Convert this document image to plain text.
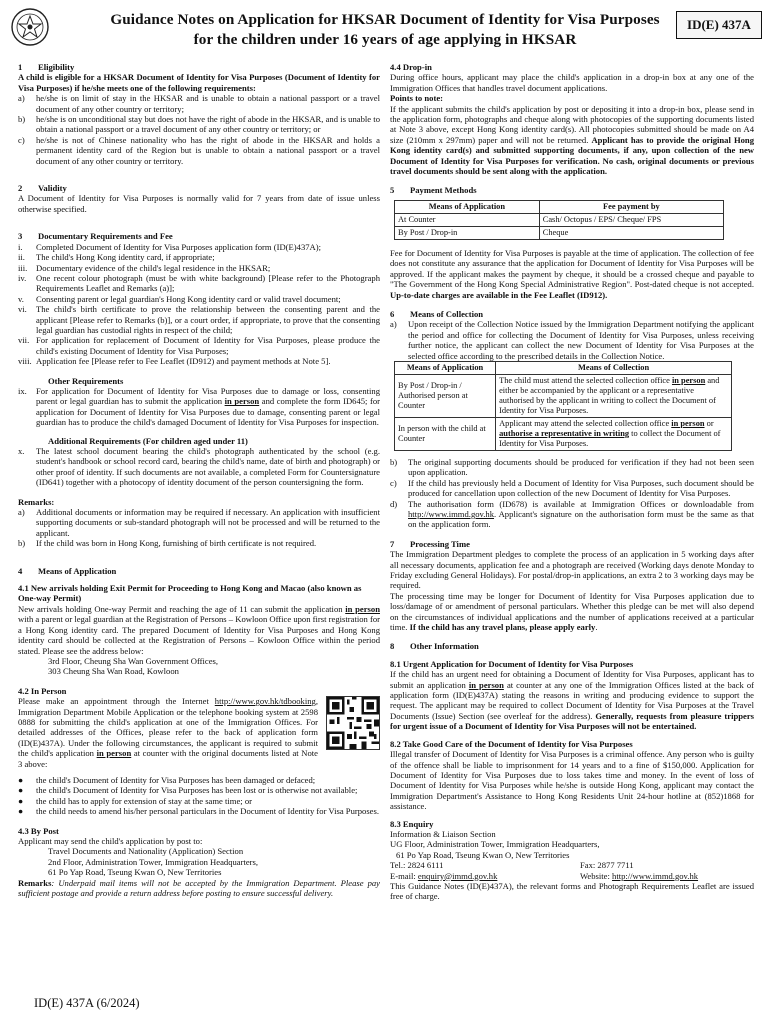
Guidance Notes on Application for HKSAR Document of Identity for Visa Purposes
for the children under 16 years of age applying in HKSAR
ID(E) 437A

1 Eligibility

A child is eligible for a HKSAR Document of Identity for Visa Purposes (Document of Identity for Visa Purposes) if he/she meets one of the following requirements:

a)	he/she is on limit of stay in the HKSAR and is unable to obtain a national passport or a travel document of any other country or territory;
b)	he/she is on unconditional stay but does not have the right of abode in the HKSAR, and is unable to obtain a national passport or a travel document of any other country or territory; or
c)	he/she is not of Chinese nationality who has the right of abode in the HKSAR and holds a permanent identity card of the Region but is unable to obtain a national passport or a travel document of any other country or territory.

2 Validity

A Document of Identity for Visa Purposes is normally valid for 7 years from date of issue unless otherwise specified.

3 Documentary Requirements and Fee

i.	Completed Document of Identity for Visa Purposes application form (ID(E)437A);
ii.	The child's Hong Kong identity card, if appropriate;
iii.	Documentary evidence of the child's legal residence in the HKSAR;
iv.	One recent colour photograph (must be with white background) [Please refer to the Photograph Requirements Leaflet and Remarks (a)];
v.	Consenting parent or legal guardian's Hong Kong identity card or valid travel document;
vi.	The child's birth certificate to prove the relationship between the consenting parent and the applicant [Please refer to Remarks (b)], or a court order, if appropriate, to prove that the consenting legal guardian has custodial rights in respect of the child;
vii. For application for replacement of Document of Identity for Visa Purposes, please produce the child's existing Document of Identity for Visa Purposes;
viii. Application fee [Please refer to Fee Leaflet (ID912) and payment methods at Note 5].

Other Requirements

ix.	For application for Document of Identity for Visa Purposes due to damage or loss, consenting parent or legal guardian has to submit the application in person and complete the form ID645; for application for Document of Identity for Visa Purposes due to damage, consenting parent or legal guardian has to produce the child's damaged Document of Identity for Visa Purposes for inspection.

Additional Requirements (For children aged under 11)

x.	The latest school document bearing the child's photograph authenticated by the school (e.g. student's handbook or school record card, bearing the child's name, date of birth and photograph) or other proof of identity. If such documents are not available, a completed Form for Countersignature (ID641) together with a photocopy of identity document of the person countersigning the form.

Remarks:

a)	Additional documents or information may be required if necessary. An application with insufficient supporting documents or sub-standard photograph will not be processed and will be returned to the applicant.
b)	If the child was born in Hong Kong, furnishing of birth certificate is not required.

4 Means of Application

4.1 New arrivals holding Exit Permit for Proceeding to Hong Kong and Macao (also known as One-way Permit)

New arrivals holding One-way Permit and reaching the age of 11 can submit the application in person with a parent or legal guardian at the Registration of Persons – Kowloon Office upon first registration for a Hong Kong identity card. The prepared Document of Identity for Visa Purposes and Hong Kong identity card should be collected at the Registration of Persons – Kowloon Office within the period stated. Please see the address below:

3rd Floor, Cheung Sha Wan Government Offices,

303 Cheung Sha Wan Road, Kowloon

4.2 In Person

Please make an appointment through the Internet http://www.gov.hk/tdbooking, Immigration Department Mobile Application or the telephone booking system at 2598 0888 for submitting the child's application at one of the Immigration Offices. For detailed addresses of the Offices, please refer to the back of application form (ID(E)437A). Under the following circumstances, the applicant is required to submit the child's application in person at counter with the original documents listed at Note 3 above:

●	the child's Document of Identity for Visa Purposes has been damaged or defaced;
●	the child's Document of Identity for Visa Purposes has been lost or is otherwise not available;
●	the child has to apply for extension of stay at the same time; or
●	the child needs to amend his/her personal particulars in the Document of Identity for Visa Purposes.

4.3 By Post

Applicant may send the child's application by post to:

Travel Documents and Nationality (Application) Section

2nd Floor, Administration Tower, Immigration Headquarters,

61 Po Yap Road, Tseung Kwan O, New Territories

Remarks: Underpaid mail items will not be accepted by the Immigration Department. Please pay sufficient postage and provide a return address before posting to ensure successful delivery.

4.4 Drop-in

During office hours, applicant may place the child's application in a drop-in box at any one of the Immigration Offices that handles travel document applications.

Points to note:

If the applicant submits the child's application by post or depositing it into a drop-in box, please send in the application form, photographs and cheque along with photocopies of the supporting documents listed at Note 3 above, except Hong Kong identity card(s). All photocopies submitted should be made on A4 size (210mm x 297mm) paper and will not be returned. Applicant has to provide the original Hong Kong identity card(s) and submitted supporting documents, if any, upon collection of the new Document of Identity for Visa Purposes for verification. No cash, original documents or previous travel documents should be sent along with the application.

5 Payment Methods

Means of Application	Fee payment by
At Counter	Cash/ Octopus / EPS/ Cheque/ FPS
By Post / Drop-in	Cheque

Fee for Document of Identity for Visa Purposes is payable at the time of application. The collection of fee does not constitute any assurance that the application for Document of Identity for Visa Purposes will be approved. If the applicant makes the payment by cheque, it should be a crossed cheque and payable to "The Government of the Hong Kong Special Administrative Region". Post-dated cheque is not accepted. Up-to-date charges are available in the Fee Leaflet (ID912).

6 Means of Collection

a)	Upon receipt of the Collection Notice issued by the Immigration Department notifying the applicant the period and office for collecting the Document of Identity for Visa Purposes, unless receiving further notice, the applicant can collect the new Document of Identity for Visa Purposes at the selected office according to the prescribed details in the Collection Notice.
Means of Application	Means of Collection
By Post / Drop-in / Authorised person at Counter	The child must attend the selected collection office in person and either be accompanied by the applicant or a representative authorised by the applicant in writing to collect the Document of Identity for Visa Purposes.
In person with the child at Counter	Applicant may attend the selected collection office in person or authorise a representative in writing to collect the Document of Identity for Visa Purposes.
b)	The original supporting documents should be produced for verification if they had not been seen upon application.
c)	If the child has previously held a Document of Identity for Visa Purposes, such document should be produced for cancellation upon collection of the new Document of Identity for Visa Purposes.
d)	The authorisation form (ID678) is available at Immigration Offices or downloadable from http://www.immd.gov.hk. Applicant's signature on the authorisation form must be the same as that on the application form.

7 Processing Time

The Immigration Department pledges to complete the process of an application in 5 working days after all necessary documents, application fee and a photograph are received (Working days denote Monday to Friday excluding General Holidays). For postal/drop-in applications, an extra 2 to 3 working days may be required.

The processing time may be longer for Document of Identity for Visa Purposes application due to loss/damage of or amendment of personal particulars. Whether this pledge can be met will also depend on the circumstances of individual applications and the number of applications received at a particular time. If the child has any travel plans, please apply early.

8 Other Information

8.1 Urgent Application for Document of Identity for Visa Purposes

If the child has an urgent need for obtaining a Document of Identity for Visa Purposes, applicant has to submit an application in person at counter at any one of the Immigration Offices listed at the back of application form (ID(E)437A) stating the reasons in writing and producing evidence to support the request. The applicant may be required to collect Document of Identity for Visa Purposes at the Travel Documents (Issue) Section (see overleaf for the address). Generally, requests from pleasure trippers for urgent issue of a Document of Identity for Visa Purposes will not be entertained.

8.2 Take Good Care of the Document of Identity for Visa Purposes

Illegal transfer of Document of Identity for Visa Purposes is a criminal offence. Any person who is guilty of the offence shall be liable to imprisonment for 14 years and to a fine of $150,000. Application for Document of Identity for Visa Purposes due to loss takes time and money. In the event of loss of Document of Identity for Visa Purposes while he/she is outside Hong Kong, applicant may contact the Immigration Department's Assistance to Hong Kong Residents Unit 24-hour hotline at (852)1868 for assistance.

8.3 Enquiry

Information & Liaison Section

UG Floor, Administration Tower, Immigration Headquarters,

61 Po Yap Road, Tseung Kwan O, New Territories

Tel.: 2824 6111	Fax: 2877 7711
E-mail: enquiry@immd.gov.hk	Website: http://www.immd.gov.hk

This Guidance Notes (ID(E)437A), the relevant forms and Photograph Requirements Leaflet are issued free of charge.

ID(E) 437A (6/2024)
